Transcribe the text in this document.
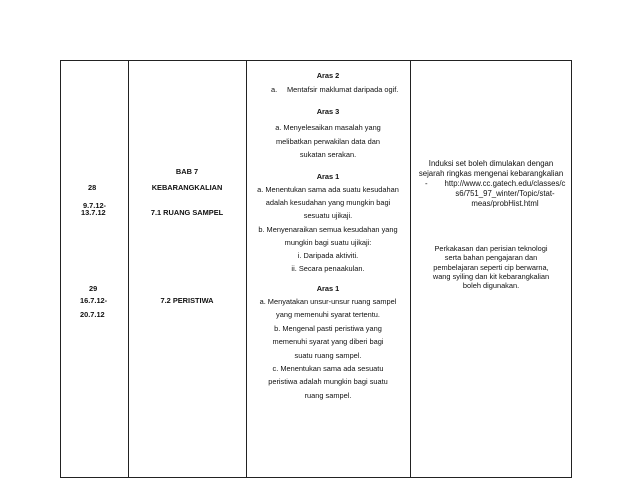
28
9.7.12-
13.7.12
29
16.7.12-
20.7.12
BAB 7
KEBARANGKALIAN
7.1 RUANG SAMPEL
7.2 PERISTIWA
Aras 2
a. Mentafsir maklumat daripada ogif.
Aras 3

a. Menyelesaikan masalah yang

melibatkan perwakilan data dan

sukatan serakan.

Aras 1

a. Menentukan sama ada suatu kesudahan

adalah kesudahan yang mungkin bagi

sesuatu ujikaji.

b. Menyenaraikan semua kesudahan yang

mungkin bagi suatu ujikaji:

i. Daripada aktiviti.

ii. Secara penaakulan.

Aras 1

a. Menyatakan unsur-unsur ruang sampel

yang memenuhi syarat tertentu.

b. Mengenal pasti peristiwa yang

memenuhi syarat yang diberi bagi

suatu ruang sampel.

c. Menentukan sama ada sesuatu

peristiwa adalah mungkin bagi suatu

ruang sampel.

Induksi set boleh dimulakan dengan
sejarah ringkas mengenai kebarangkalian
-	http://www.cc.gatech.edu/classes/c
s6/751_97_winter/Topic/stat-
meas/probHist.html

Perkakasan dan perisian teknologi

serta bahan pengajaran dan

pembelajaran seperti cip berwarna,

wang syiling dan kit kebarangkalian

boleh digunakan.
